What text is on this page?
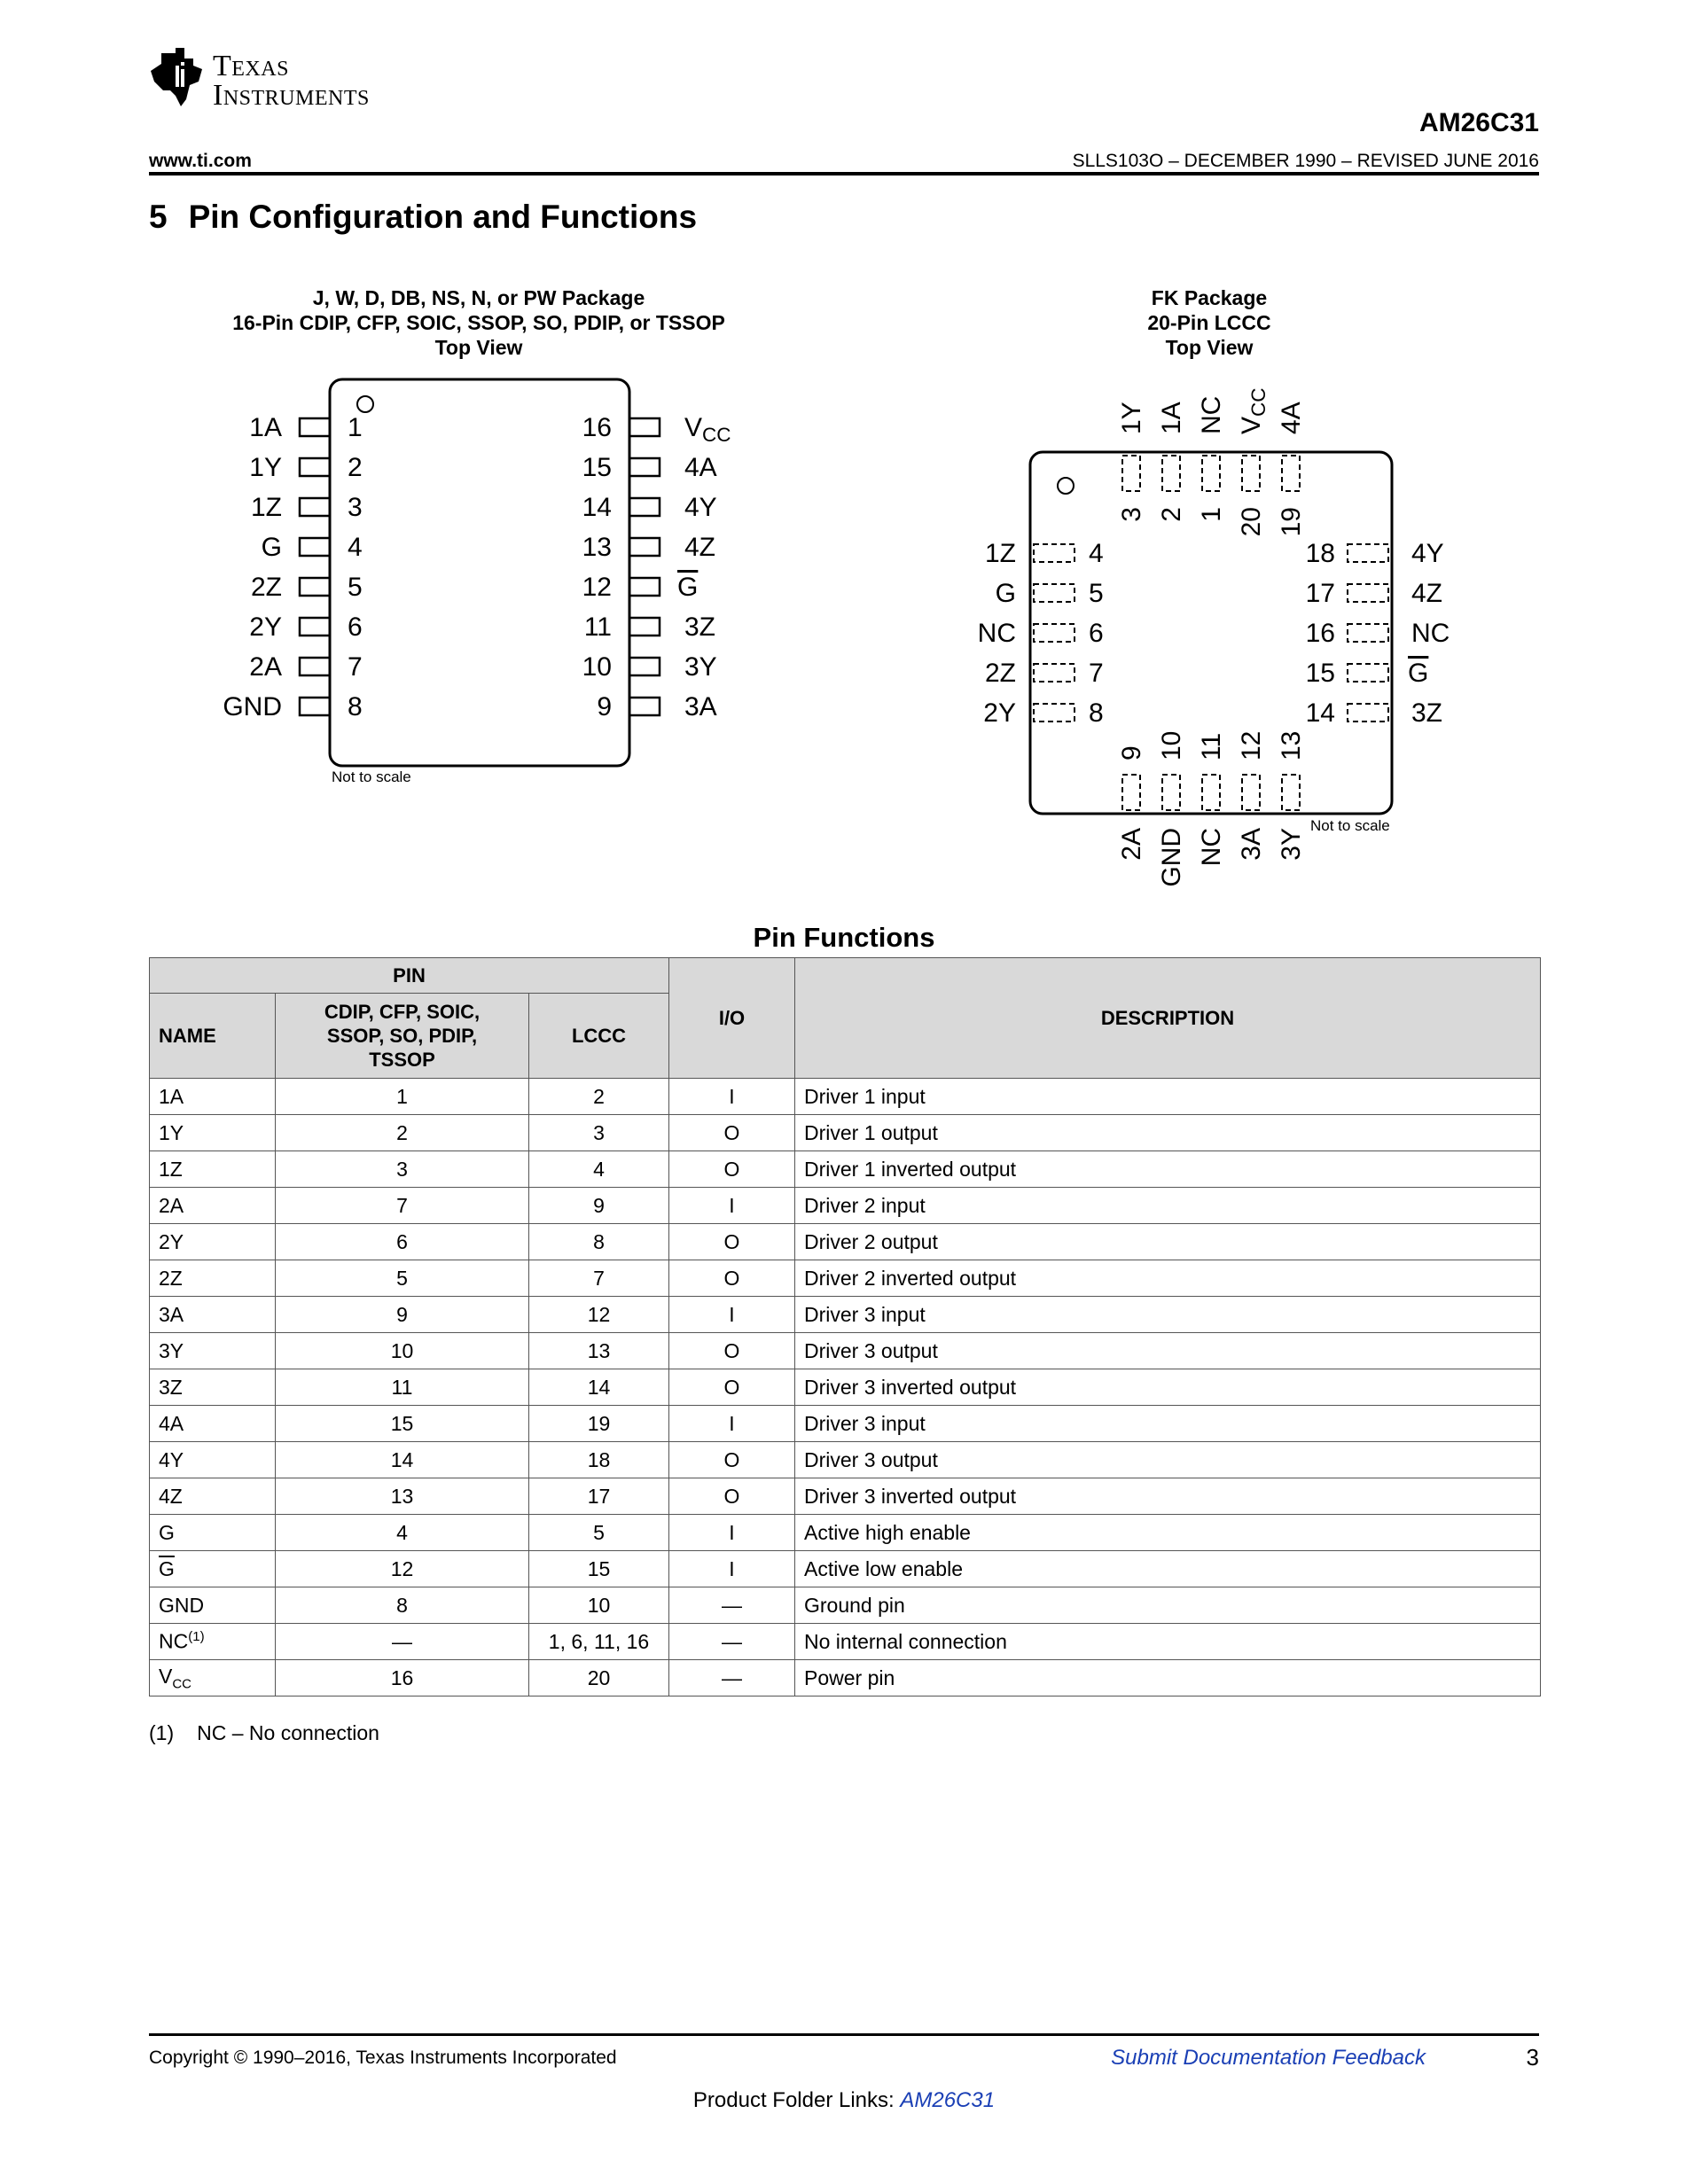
Texas
Instruments
AM26C31
www.ti.com	SLLS103O – DECEMBER 1990 – REVISED JUNE 2016
5 Pin Configuration and Functions
J, W, D, DB, NS, N, or PW Package
16-Pin CDIP, CFP, SOIC, SSOP, SO, PDIP, or TSSOP
Top View
FK Package
20-Pin LCCC
Top View
1A 1
1Y 2
1Z 3
G 4
2Z 5
2Y 6
2A 7
GND 8
$V_{CC}$
16
4A
15
4Y
14
4Z
13
G
12
3Z
11
3Y
10
3A
9
Not to scale
1Z	4
G	5
NC	6
2Z	7
2Y	8
4Y
18
4Z
17
NC
16
G
15
3Z
14
1Y
3
1A
2
NC
1
$V_{CC}$
20
4A
19
2A
9
GND
10
NC
11
3A
12
3Y
13
Not to scale
Pin Functions
PIN			I/O	DESCRIPTION
NAME	CDIP, CFP, SOIC,
SSOP, SO, PDIP,
TSSOP	LCCC		
1A	1	2	I	Driver 1 input
1Y	2	3	O	Driver 1 output
1Z	3	4	O	Driver 1 inverted output
2A	7	9	I	Driver 2 input
2Y	6	8	O	Driver 2 output
2Z	5	7	O	Driver 2 inverted output
3A	9	12	I	Driver 3 input
3Y	10	13	O	Driver 3 output
3Z	11	14	O	Driver 3 inverted output
4A	15	19	I	Driver 3 input
4Y	14	18	O	Driver 3 output
4Z	13	17	O	Driver 3 inverted output
G	4	5	I	Active high enable
$\overline{G}$	12	15	I	Active low enable
GND	8	10	—	Ground pin
NC$^{(1)}$	—	1, 6, 11, 16	—	No internal connection
$V_{CC}$	16	20	—	Power pin
(1) NC – No connection
Copyright © 1990–2016, Texas Instruments Incorporated	Submit Documentation Feedback	3
Product Folder Links: AM26C31
